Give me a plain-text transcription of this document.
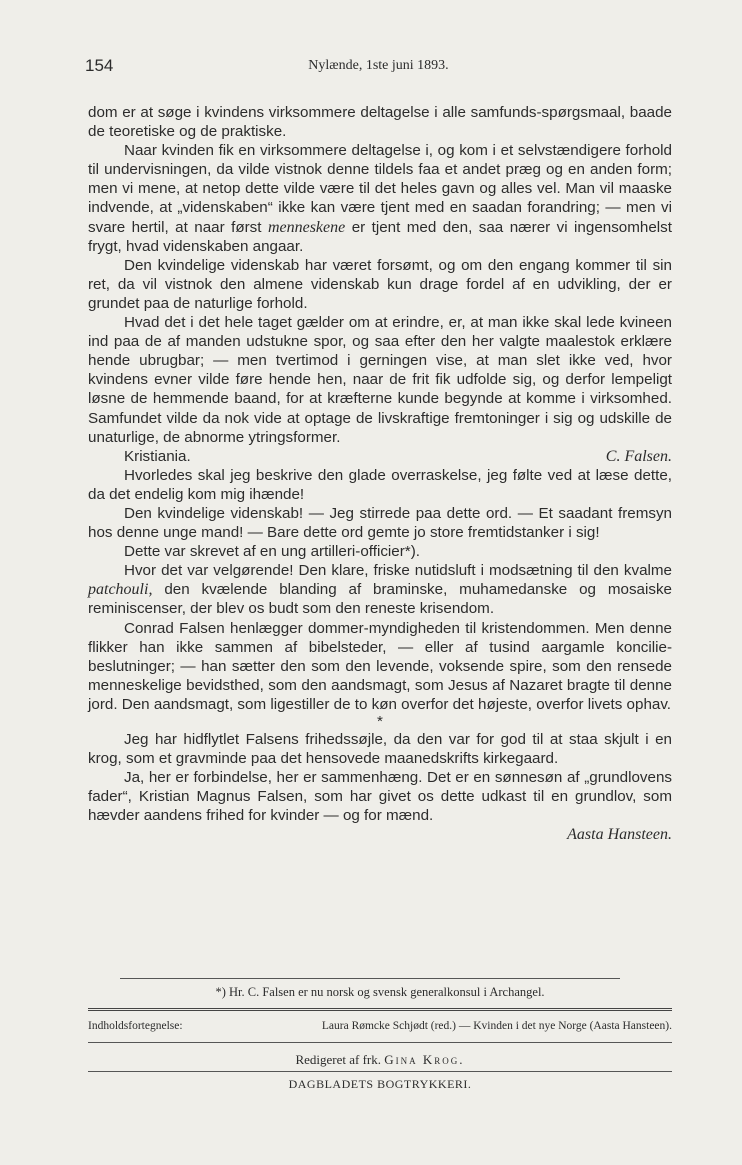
154	Nylænde, 1ste juni 1893.

dom er at søge i kvindens virksommere deltagelse i alle samfunds-spørgsmaal, baade de teoretiske og de praktiske.

Naar kvinden fik en virksommere deltagelse i, og kom i et selvstændigere forhold til undervisningen, da vilde vistnok denne tildels faa et andet præg og en anden form; men vi mene, at netop dette vilde være til det heles gavn og alles vel. Man vil maaske indvende, at „videnskaben“ ikke kan være tjent med en saadan forandring; — men vi svare hertil, at naar først menneskene er tjent med den, saa nærer vi ingensomhelst frygt, hvad videnskaben angaar.

Den kvindelige videnskab har været forsømt, og om den engang kommer til sin ret, da vil vistnok den almene videnskab kun drage fordel af en udvikling, der er grundet paa de naturlige forhold.

Hvad det i det hele taget gælder om at erindre, er, at man ikke skal lede kvineen ind paa de af manden udstukne spor, og saa efter den her valgte maalestok erklære hende ubrugbar; — men tvertimod i gerningen vise, at man slet ikke ved, hvor kvindens evner vilde føre hende hen, naar de frit fik udfolde sig, og derfor lempeligt løsne de hemmende baand, for at kræfterne kunde begynde at komme i virksomhed. Samfundet vilde da nok vide at optage de livskraftige fremtoninger i sig og udskille de unaturlige, de abnorme ytringsformer.

Kristiania.	C. Falsen.

Hvorledes skal jeg beskrive den glade overraskelse, jeg følte ved at læse dette, da det endelig kom mig ihænde!

Den kvindelige videnskab! — Jeg stirrede paa dette ord. — Et saadant fremsyn hos denne unge mand! — Bare dette ord gemte jo store fremtidstanker i sig!

Dette var skrevet af en ung artilleri-officier*).

Hvor det var velgørende! Den klare, friske nutidsluft i modsætning til den kvalme patchouli, den kvælende blanding af braminske, muhamedanske og mosaiske reminiscenser, der blev os budt som den reneste krisendom.

Conrad Falsen henlægger dommer-myndigheden til kristendommen. Men denne flikker han ikke sammen af bibelsteder, — eller af tusind aargamle koncilie-beslutninger; — han sætter den som den levende, voksende spire, som den rensede menneskelige bevidsthed, som den aandsmagt, som Jesus af Nazaret bragte til denne jord. Den aandsmagt, som ligestiller de to køn overfor det højeste, overfor livets ophav.

*

Jeg har hidflytlet Falsens frihedssøjle, da den var for god til at staa skjult i en krog, som et gravminde paa det hensovede maanedskrifts kirkegaard.

Ja, her er forbindelse, her er sammenhæng. Det er en sønnesøn af „grundlovens fader“, Kristian Magnus Falsen, som har givet os dette udkast til en grundlov, som hævder aandens frihed for kvinder — og for mænd.

Aasta Hansteen.
*) Hr. C. Falsen er nu norsk og svensk generalkonsul i Archangel.
Indholdsfortegnelse:	Laura Rømcke Schjødt (red.) — Kvinden i det nye Norge (Aasta Hansteen).
Redigeret af frk. Gina Krog.
DAGBLADETS BOGTRYKKERI.
